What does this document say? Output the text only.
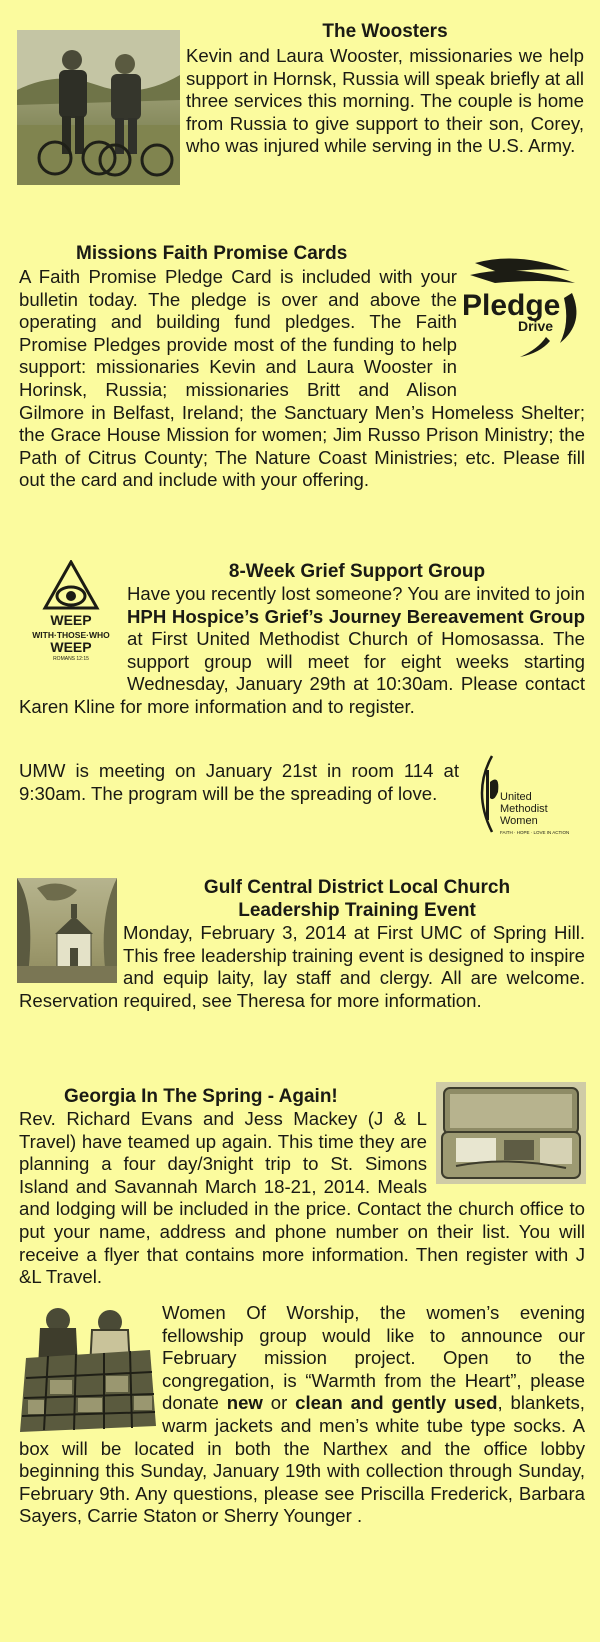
The Woosters
Kevin and Laura Wooster, missionaries we help support in Hornsk, Russia will speak briefly at all three services this morning. The couple is home from Russia to give support to their son, Corey, who was injured while serving in the U.S. Army.
Missions Faith Promise Cards
Pledge
Drive
A Faith Promise Pledge Card is included with your bulletin today. The pledge is over and above the operating and building fund pledges. The Faith Promise Pledges provide most of the funding to help support: missionaries Kevin and Laura Wooster in Horinsk, Russia; missionaries Britt and Alison Gilmore in Belfast, Ireland; the Sanctuary Men’s Homeless Shelter; the Grace House Mission for women; Jim Russo Prison Ministry; the Path of Citrus County; The Nature Coast Ministries; etc. Please fill out the card and include with your offering.
WEEP
WITH·THOSE·WHO
WEEP
ROMANS 12:15
8-Week Grief Support Group
Have you recently lost someone? You are invited to join HPH Hospice’s Grief’s Journey Bereavement Group at First United Methodist Church of Homosassa. The support group will meet for eight weeks starting Wednesday, January 29th at 10:30am. Please contact Karen Kline for more information and to register.
UMW is meeting on January 21st in room 114 at 9:30am. The program will be the spreading of love.	United
Methodist
Women
FAITH · HOPE · LOVE IN ACTION
Gulf Central District Local Church
Leadership Training Event
Monday, February 3, 2014 at First UMC of Spring Hill. This free leadership training event is designed to inspire and equip laity, lay staff and clergy. All are welcome. Reservation required, see Theresa for more information.
Georgia In The Spring - Again!
Rev. Richard Evans and Jess Mackey (J & L Travel) have teamed up again. This time they are planning a four day/3night trip to St. Simons Island and Savannah March 18-21, 2014. Meals and lodging will be included in the price. Contact the church office to put your name, address and phone number on their list. You will receive a flyer that contains more information. Then register with J &L Travel.
Women Of Worship, the women’s evening fellowship group would like to announce our February mission project. Open to the congregation, is “Warmth from the Heart”, please donate new or clean and gently used, blankets, warm jackets and men’s white tube type socks. A box will be located in both the Narthex and the office lobby beginning this Sunday, January 19th with collection through Sunday, February 9th. Any questions, please see Priscilla Frederick, Barbara Sayers, Carrie Staton or Sherry Younger .
